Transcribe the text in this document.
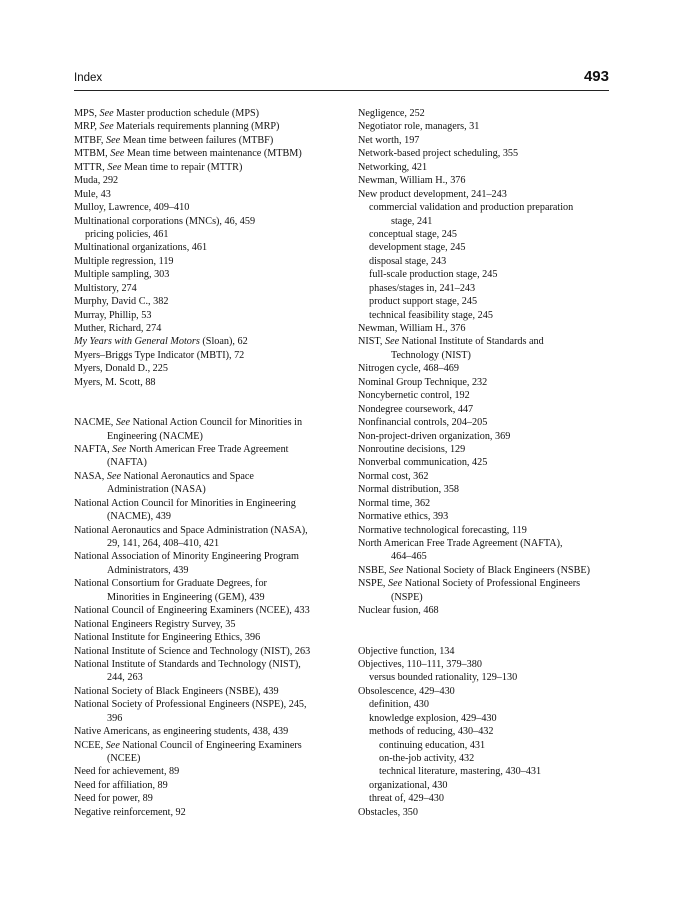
Index	493
MPS, See Master production schedule (MPS)
MRP, See Materials requirements planning (MRP)
MTBF, See Mean time between failures (MTBF)
MTBM, See Mean time between maintenance (MTBM)
MTTR, See Mean time to repair (MTTR)
Muda, 292
Mule, 43
Mulloy, Lawrence, 409–410
Multinational corporations (MNCs), 46, 459
pricing policies, 461
Multinational organizations, 461
Multiple regression, 119
Multiple sampling, 303
Multistory, 274
Murphy, David C., 382
Murray, Phillip, 53
Muther, Richard, 274
My Years with General Motors (Sloan), 62
Myers–Briggs Type Indicator (MBTI), 72
Myers, Donald D., 225
Myers, M. Scott, 88
NACME, See National Action Council for Minorities in
Engineering (NACME)
NAFTA, See North American Free Trade Agreement
(NAFTA)
NASA, See National Aeronautics and Space
Administration (NASA)
National Action Council for Minorities in Engineering
(NACME), 439
National Aeronautics and Space Administration (NASA),
29, 141, 264, 408–410, 421
National Association of Minority Engineering Program
Administrators, 439
National Consortium for Graduate Degrees, for
Minorities in Engineering (GEM), 439
National Council of Engineering Examiners (NCEE), 433
National Engineers Registry Survey, 35
National Institute for Engineering Ethics, 396
National Institute of Science and Technology (NIST), 263
National Institute of Standards and Technology (NIST),
244, 263
National Society of Black Engineers (NSBE), 439
National Society of Professional Engineers (NSPE), 245,
396
Native Americans, as engineering students, 438, 439
NCEE, See National Council of Engineering Examiners
(NCEE)
Need for achievement, 89
Need for affiliation, 89
Need for power, 89
Negative reinforcement, 92
Negligence, 252
Negotiator role, managers, 31
Net worth, 197
Network-based project scheduling, 355
Networking, 421
Newman, William H., 376
New product development, 241–243
commercial validation and production preparation
stage, 241
conceptual stage, 245
development stage, 245
disposal stage, 243
full-scale production stage, 245
phases/stages in, 241–243
product support stage, 245
technical feasibility stage, 245
Newman, William H., 376
NIST, See National Institute of Standards and
Technology (NIST)
Nitrogen cycle, 468–469
Nominal Group Technique, 232
Noncybernetic control, 192
Nondegree coursework, 447
Nonfinancial controls, 204–205
Non-project-driven organization, 369
Nonroutine decisions, 129
Nonverbal communication, 425
Normal cost, 362
Normal distribution, 358
Normal time, 362
Normative ethics, 393
Normative technological forecasting, 119
North American Free Trade Agreement (NAFTA),
464–465
NSBE, See National Society of Black Engineers (NSBE)
NSPE, See National Society of Professional Engineers
(NSPE)
Nuclear fusion, 468
Objective function, 134
Objectives, 110–111, 379–380
versus bounded rationality, 129–130
Obsolescence, 429–430
definition, 430
knowledge explosion, 429–430
methods of reducing, 430–432
continuing education, 431
on-the-job activity, 432
technical literature, mastering, 430–431
organizational, 430
threat of, 429–430
Obstacles, 350
